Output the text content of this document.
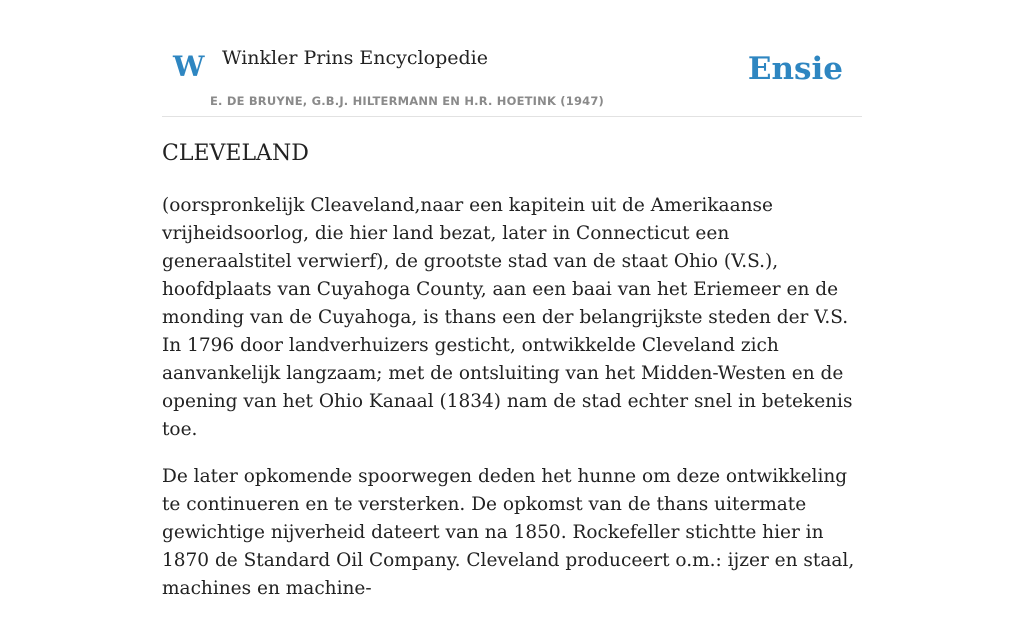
W Winkler Prins Encyclopedie
E. DE BRUYNE, G.B.J. HILTERMANN EN H.R. HOETINK (1947)
Ensie
CLEVELAND

(oorspronkelijk Cleaveland,naar een kapitein uit de Amerikaanse vrijheidsoorlog, die hier land bezat, later in Connecticut een generaalstitel verwierf), de grootste stad van de staat Ohio (V.S.), hoofdplaats van Cuyahoga County, aan een baai van het Eriemeer en de monding van de Cuyahoga, is thans een der belangrijkste steden der V.S. In 1796 door landverhuizers gesticht, ontwikkelde Cleveland zich aanvankelijk langzaam; met de ontsluiting van het Midden-Westen en de opening van het Ohio Kanaal (1834) nam de stad echter snel in betekenis toe.

De later opkomende spoorwegen deden het hunne om deze ontwikkeling te continueren en te versterken. De opkomst van de thans uitermate gewichtige nijverheid dateert van na 1850. Rockefeller stichtte hier in 1870 de Standard Oil Company. Cleveland produceert o.m.: ijzer en staal, machines en machine-
